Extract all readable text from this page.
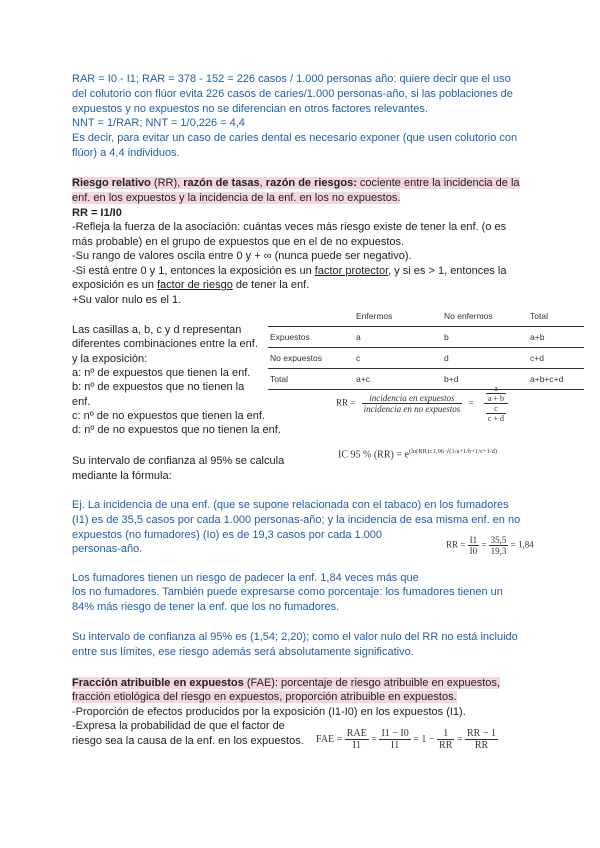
RAR = I0 - I1; RAR = 378 - 152 = 226 casos / 1.000 personas año: quiere decir que el uso
del colutorio con flúor evita 226 casos de caries/1.000 personas-año, si las poblaciones de
expuestos y no expuestos no se diferencian en otros factores relevantes.
NNT = 1/RAR; NNT = 1/0,226 = 4,4
Es decir, para evitar un caso de caries dental es necesario exponer (que usen colutorio con
flúor) a 4,4 individuos.
Riesgo relativo (RR), razón de tasas, razón de riesgos: cociente entre la incidencia de la
enf. en los expuestos y la incidencia de la enf. en los no expuestos.
RR = I1/I0
-Refleja la fuerza de la asociación: cuántas veces más riesgo existe de tener la enf. (o es
más probable) en el grupo de expuestos que en el de no expuestos.
-Su rango de valores oscila entre 0 y + ∞ (nunca puede ser negativo).
-Si está entre 0 y 1, entonces la exposición es un factor protector, y si es > 1, entonces la
exposición es un factor de riesgo de tener la enf.
+Su valor nulo es el 1.
Las casillas a, b, c y d representan
diferentes combinaciones entre la enf.
y la exposición:
a: nº de expuestos que tienen la enf.
b: nº de expuestos que no tienen la
enf.
c: nº de no expuestos que tienen la enf.
d: nº de no expuestos que no tienen la enf.
	Enfermos	No enfermos	Total
Expuestos	a	b	a+b
No expuestos	c	d	c+d
Total	a+c	b+d	a+b+c+d
RR = $\frac{\text{incidencia en expuestos}}{\text{incidencia en no expuestos}} = \frac{\frac{a}{a + b}}{\frac{c}{c + d}}$
Su intervalo de confianza al 95% se calcula
mediante la fórmula:
IC 95 % $(RR) = e^{(ln(RR)\pm 1,96 √(1/a+1/b+1/c+1/d)}$
Ej. La incidencia de una enf. (que se supone relacionada con el tabaco) en los fumadores
(I1) es de 35,5 casos por cada 1.000 personas-año; y la incidencia de esa misma enf. en no
expuestos (no fumadores) (Io) es de 19,3 casos por cada 1.000
personas-año.	RR = $\frac{I1}{I0} = \frac{35,5}{19,3} = 1,84$
Los fumadores tienen un riesgo de padecer la enf. 1,84 veces más que
los no fumadores. También puede expresarse como porcentaje: los fumadores tienen un
84% más riesgo de tener la enf. que los no fumadores.
Su intervalo de confianza al 95% es (1,54; 2,20); como el valor nulo del RR no está incluido
entre sus límites, ese riesgo además será absolutamente significativo.
Fracción atribuible en expuestos (FAE): porcentaje de riesgo atribuible en expuestos,
fracción etiológica del riesgo en expuestos, proporción atribuible en expuestos.
-Proporción de efectos producidos por la exposición (I1-I0) en los expuestos (I1).
-Expresa la probabilidad de que el factor de
riesgo sea la causa de la enf. en los expuestos. FAE = $\frac{\text{RAE}}{I1} = \frac{I1 - I0}{I1} = 1 - \frac{1}{RR} = \frac{RR - 1}{RR}$
